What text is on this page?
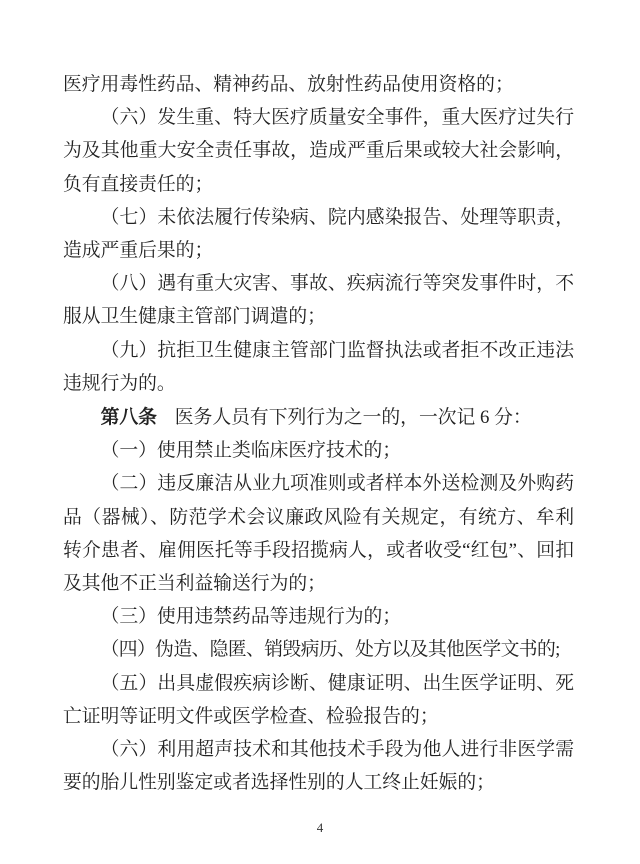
医疗用毒性药品、精神药品、放射性药品使用资格的；

（六）发生重、特大医疗质量安全事件，重大医疗过失行为及其他重大安全责任事故，造成严重后果或较大社会影响，负有直接责任的；

（七）未依法履行传染病、院内感染报告、处理等职责，造成严重后果的；

（八）遇有重大灾害、事故、疾病流行等突发事件时，不服从卫生健康主管部门调遣的；

（九）抗拒卫生健康主管部门监督执法或者拒不改正违法违规行为的。

第八条 医务人员有下列行为之一的，一次记 6 分：

（一）使用禁止类临床医疗技术的；

（二）违反廉洁从业九项准则或者样本外送检测及外购药品（器械）、防范学术会议廉政风险有关规定，有统方、牟利转介患者、雇佣医托等手段招揽病人，或者收受“红包”、回扣及其他不正当利益输送行为的；

（三）使用违禁药品等违规行为的；

（四）伪造、隐匿、销毁病历、处方以及其他医学文书的;

（五）出具虚假疾病诊断、健康证明、出生医学证明、死亡证明等证明文件或医学检查、检验报告的；

（六）利用超声技术和其他技术手段为他人进行非医学需要的胎儿性别鉴定或者选择性别的人工终止妊娠的；

4
